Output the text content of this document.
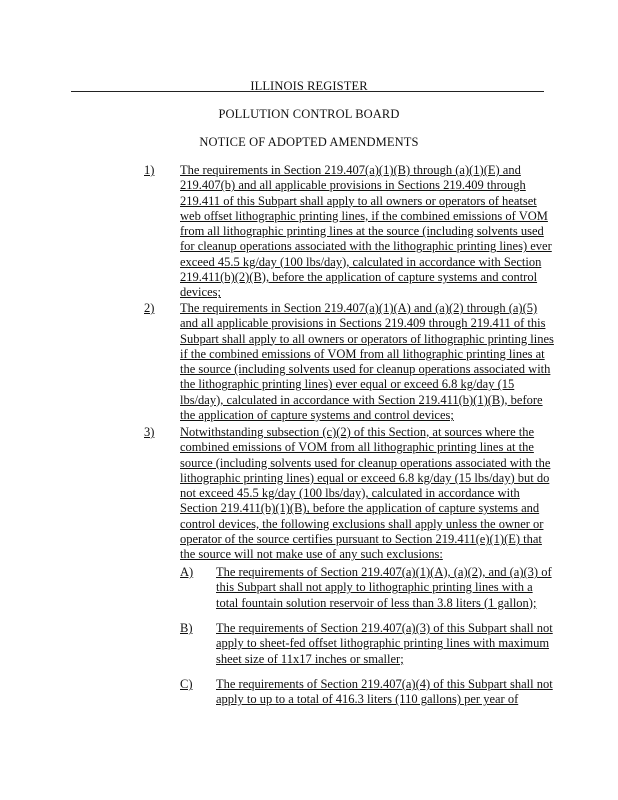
ILLINOIS REGISTER
POLLUTION CONTROL BOARD
NOTICE OF ADOPTED AMENDMENTS
1) The requirements in Section 219.407(a)(1)(B) through (a)(1)(E) and
219.407(b) and all applicable provisions in Sections 219.409 through
219.411 of this Subpart shall apply to all owners or operators of heatset
web offset lithographic printing lines, if the combined emissions of VOM
from all lithographic printing lines at the source (including solvents used
for cleanup operations associated with the lithographic printing lines) ever
exceed 45.5 kg/day (100 lbs/day), calculated in accordance with Section
219.411(b)(2)(B), before the application of capture systems and control
devices;
2) The requirements in Section 219.407(a)(1)(A) and (a)(2) through (a)(5)
and all applicable provisions in Sections 219.409 through 219.411 of this
Subpart shall apply to all owners or operators of lithographic printing lines
if the combined emissions of VOM from all lithographic printing lines at
the source (including solvents used for cleanup operations associated with
the lithographic printing lines) ever equal or exceed 6.8 kg/day (15
lbs/day), calculated in accordance with Section 219.411(b)(1)(B), before
the application of capture systems and control devices;
3) Notwithstanding subsection (c)(2) of this Section, at sources where the
combined emissions of VOM from all lithographic printing lines at the
source (including solvents used for cleanup operations associated with the
lithographic printing lines) equal or exceed 6.8 kg/day (15 lbs/day) but do
not exceed 45.5 kg/day (100 lbs/day), calculated in accordance with
Section 219.411(b)(1)(B), before the application of capture systems and
control devices, the following exclusions shall apply unless the owner or
operator of the source certifies pursuant to Section 219.411(e)(1)(E) that
the source will not make use of any such exclusions:
A) The requirements of Section 219.407(a)(1)(A), (a)(2), and (a)(3) of
this Subpart shall not apply to lithographic printing lines with a
total fountain solution reservoir of less than 3.8 liters (1 gallon);
B) The requirements of Section 219.407(a)(3) of this Subpart shall not
apply to sheet-fed offset lithographic printing lines with maximum
sheet size of 11x17 inches or smaller;
C) The requirements of Section 219.407(a)(4) of this Subpart shall not
apply to up to a total of 416.3 liters (110 gallons) per year of
